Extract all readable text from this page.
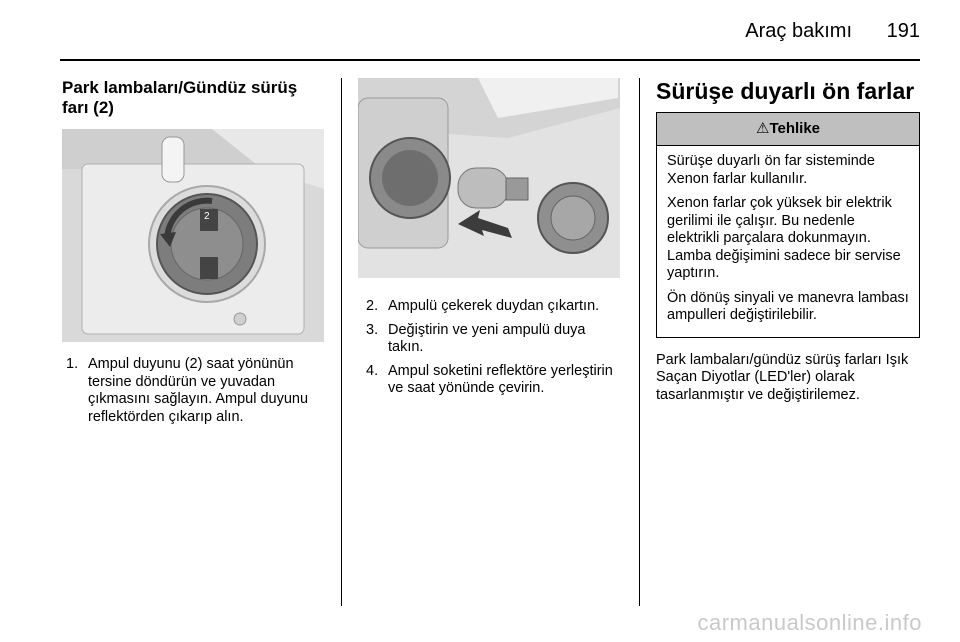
Araç bakımı 191
Park lambaları/Gündüz sürüş farı (2)
2
1. Ampul duyunu (2) saat yönünün tersine döndürün ve yuvadan çıkmasını sağlayın. Ampul duyunu reflektörden çıkarıp alın.
2. Ampulü çekerek duydan çıkartın.
3. Değiştirin ve yeni ampulü duya takın.
4. Ampul soketini reflektöre yerleştirin ve saat yönünde çevirin.
Sürüşe duyarlı ön farlar
⚠Tehlike

Sürüşe duyarlı ön far sisteminde Xenon farlar kullanılır.

Xenon farlar çok yüksek bir elektrik gerilimi ile çalışır. Bu nedenle elektrikli parçalara dokunmayın. Lamba değişimini sadece bir servise yaptırın.

Ön dönüş sinyali ve manevra lambası ampulleri değiştirilebilir.

Park lambaları/gündüz sürüş farları Işık Saçan Diyotlar (LED'ler) olarak tasarlanmıştır ve değiştirilemez.
carmanualsonline.info
